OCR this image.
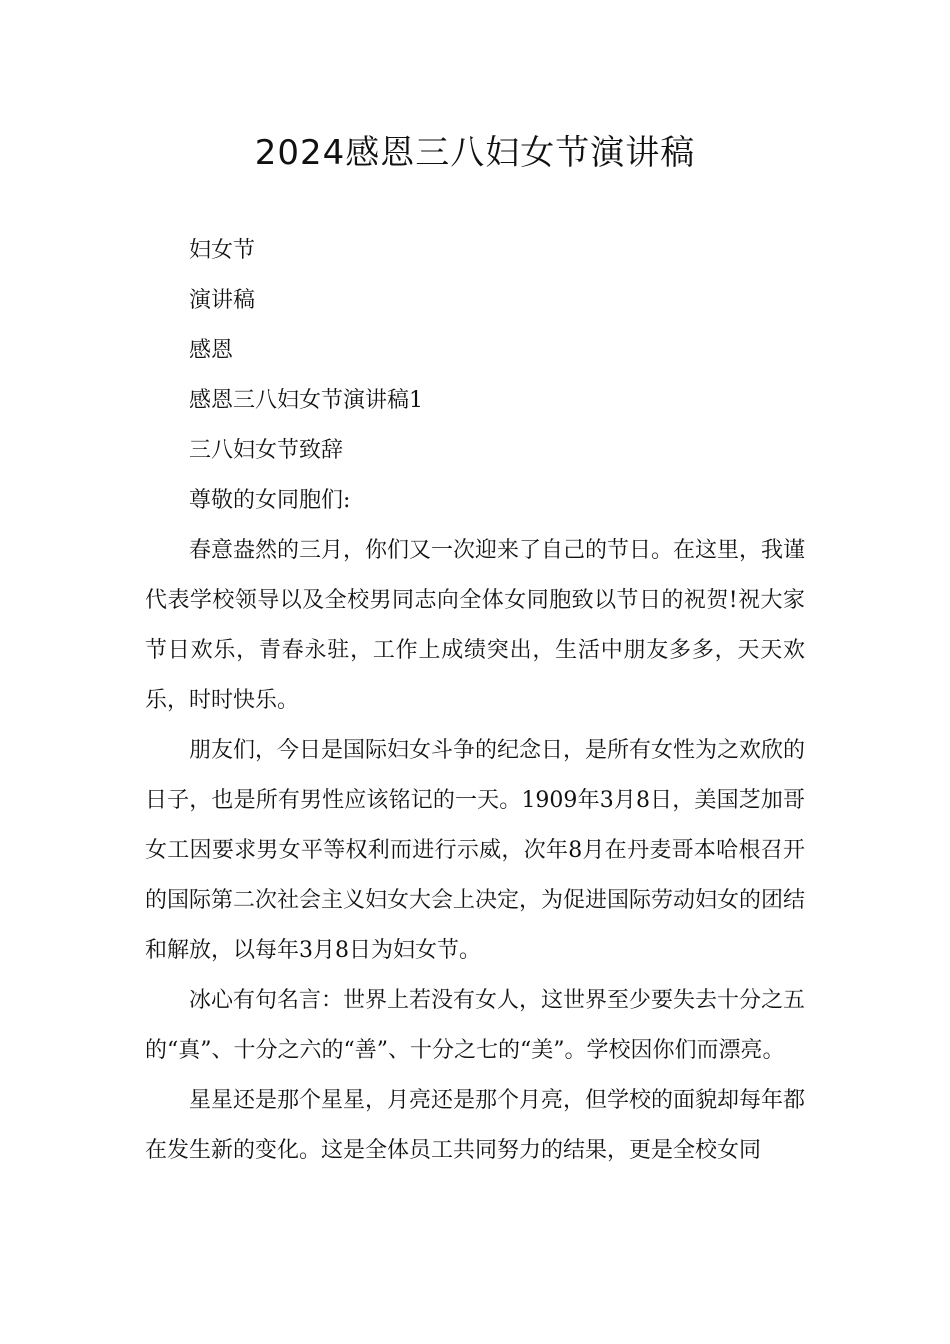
2024感恩三八妇女节演讲稿

妇女节

演讲稿

感恩

感恩三八妇女节演讲稿1

三八妇女节致辞

尊敬的女同胞们:

春意盎然的三月，你们又一次迎来了自己的节日。在这里，我谨代表学校领导以及全校男同志向全体女同胞致以节日的祝贺!祝大家节日欢乐，青春永驻，工作上成绩突出，生活中朋友多多，天天欢乐，时时快乐。

朋友们，今日是国际妇女斗争的纪念日，是所有女性为之欢欣的日子，也是所有男性应该铭记的一天。1909年3月8日，美国芝加哥女工因要求男女平等权利而进行示威，次年8月在丹麦哥本哈根召开的国际第二次社会主义妇女大会上决定，为促进国际劳动妇女的团结和解放，以每年3月8日为妇女节。

冰心有句名言：世界上若没有女人，这世界至少要失去十分之五的“真”、十分之六的“善”、十分之七的“美”。学校因你们而漂亮。

星星还是那个星星，月亮还是那个月亮，但学校的面貌却每年都在发生新的变化。这是全体员工共同努力的结果，更是全校女同
